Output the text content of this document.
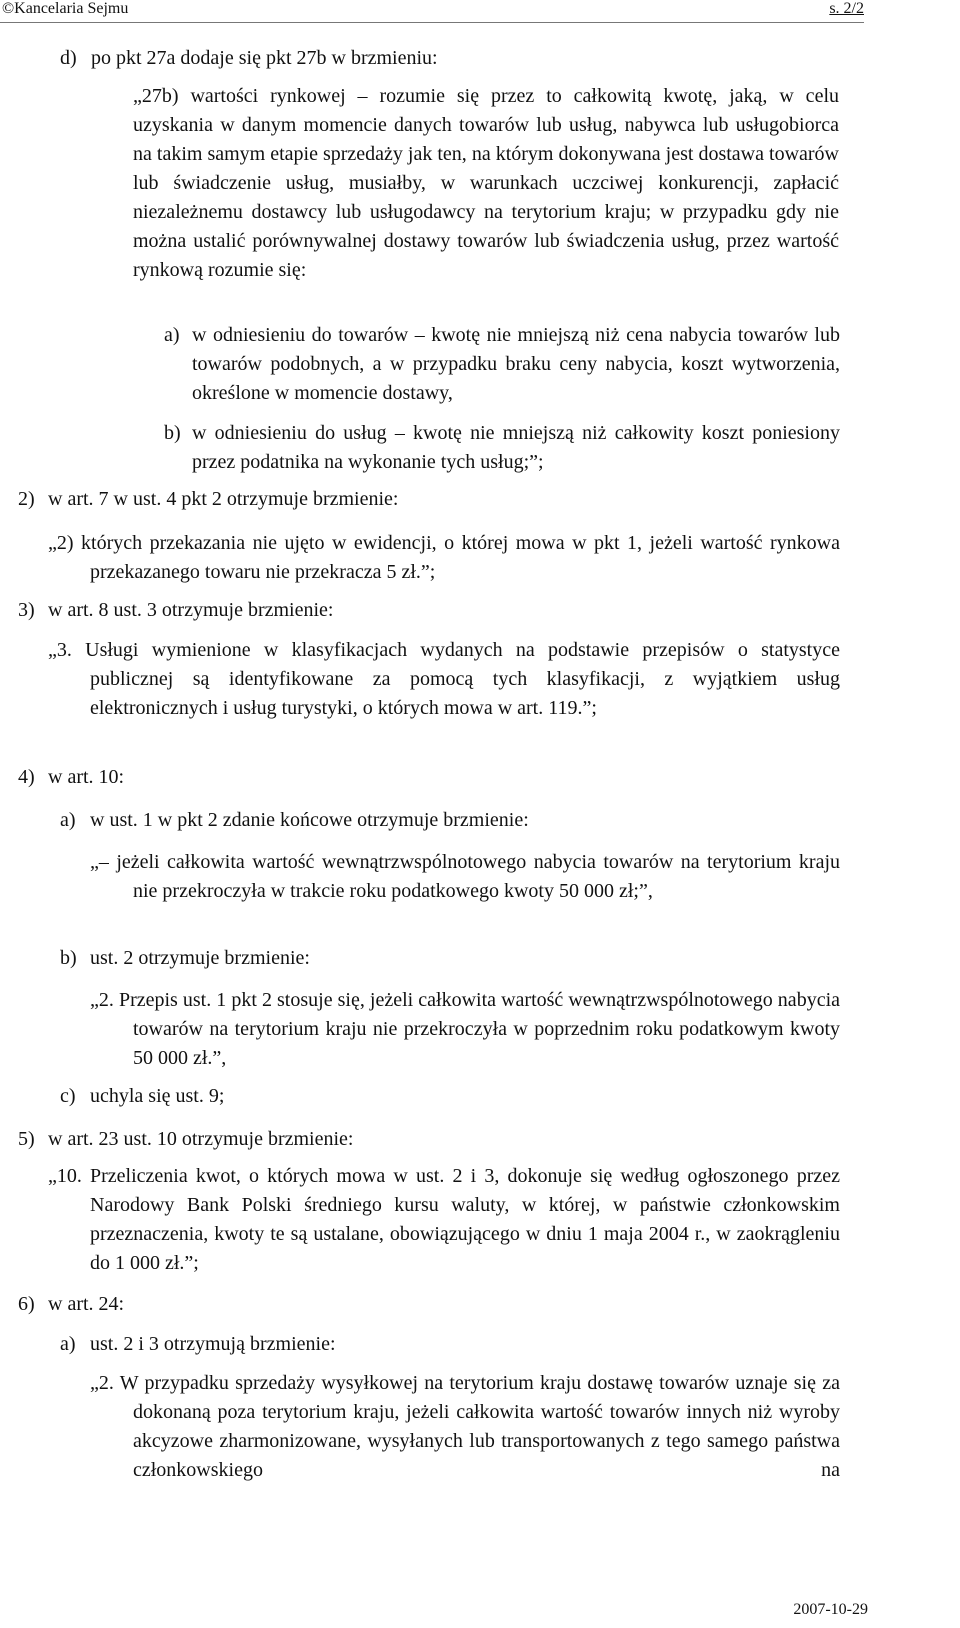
©Kancelaria Sejmu	s. 2/2
d) po pkt 27a dodaje się pkt 27b w brzmieniu:

„27b) wartości rynkowej – rozumie się przez to całkowitą kwotę, jaką, w celu uzyskania w danym momencie danych towarów lub usług, nabywca lub usługobiorca na takim samym etapie sprzedaży jak ten, na którym dokonywana jest dostawa towarów lub świadczenie usług, musiałby, w warunkach uczciwej konkurencji, zapłacić niezależnemu dostawcy lub usługodawcy na terytorium kraju; w przypadku gdy nie można ustalić porównywalnej dostawy towarów lub świadczenia usług, przez wartość rynkową rozumie się:

a) w odniesieniu do towarów – kwotę nie mniejszą niż cena nabycia towarów lub towarów podobnych, a w przypadku braku ceny nabycia, koszt wytworzenia, określone w momencie dostawy,

b) w odniesieniu do usług – kwotę nie mniejszą niż całkowity koszt poniesiony przez podatnika na wykonanie tych usług;”;

2) w art. 7 w ust. 4 pkt 2 otrzymuje brzmienie:

„2) których przekazania nie ujęto w ewidencji, o której mowa w pkt 1, jeżeli wartość rynkowa przekazanego towaru nie przekracza 5 zł.”;

3) w art. 8 ust. 3 otrzymuje brzmienie:

„3. Usługi wymienione w klasyfikacjach wydanych na podstawie przepisów o statystyce publicznej są identyfikowane za pomocą tych klasyfikacji, z wyjątkiem usług elektronicznych i usług turystyki, o których mowa w art. 119.”;

4) w art. 10:

a) w ust. 1 w pkt 2 zdanie końcowe otrzymuje brzmienie:

„– jeżeli całkowita wartość wewnątrzwspólnotowego nabycia towarów na terytorium kraju nie przekroczyła w trakcie roku podatkowego kwoty 50 000 zł;”,

b) ust. 2 otrzymuje brzmienie:

„2. Przepis ust. 1 pkt 2 stosuje się, jeżeli całkowita wartość wewnątrzwspólnotowego nabycia towarów na terytorium kraju nie przekroczyła w poprzednim roku podatkowym kwoty 50 000 zł.”,

c) uchyla się ust. 9;

5) w art. 23 ust. 10 otrzymuje brzmienie:

„10. Przeliczenia kwot, o których mowa w ust. 2 i 3, dokonuje się według ogłoszonego przez Narodowy Bank Polski średniego kursu waluty, w której, w państwie członkowskim przeznaczenia, kwoty te są ustalane, obowiązującego w dniu 1 maja 2004 r., w zaokrągleniu do 1 000 zł.”;

6) w art. 24:

a) ust. 2 i 3 otrzymują brzmienie:

„2. W przypadku sprzedaży wysyłkowej na terytorium kraju dostawę towarów uznaje się za dokonaną poza terytorium kraju, jeżeli całkowita wartość towarów innych niż wyroby akcyzowe zharmonizowane, wysyłanych lub transportowanych z tego samego państwa członkowskiego na

2007-10-29
